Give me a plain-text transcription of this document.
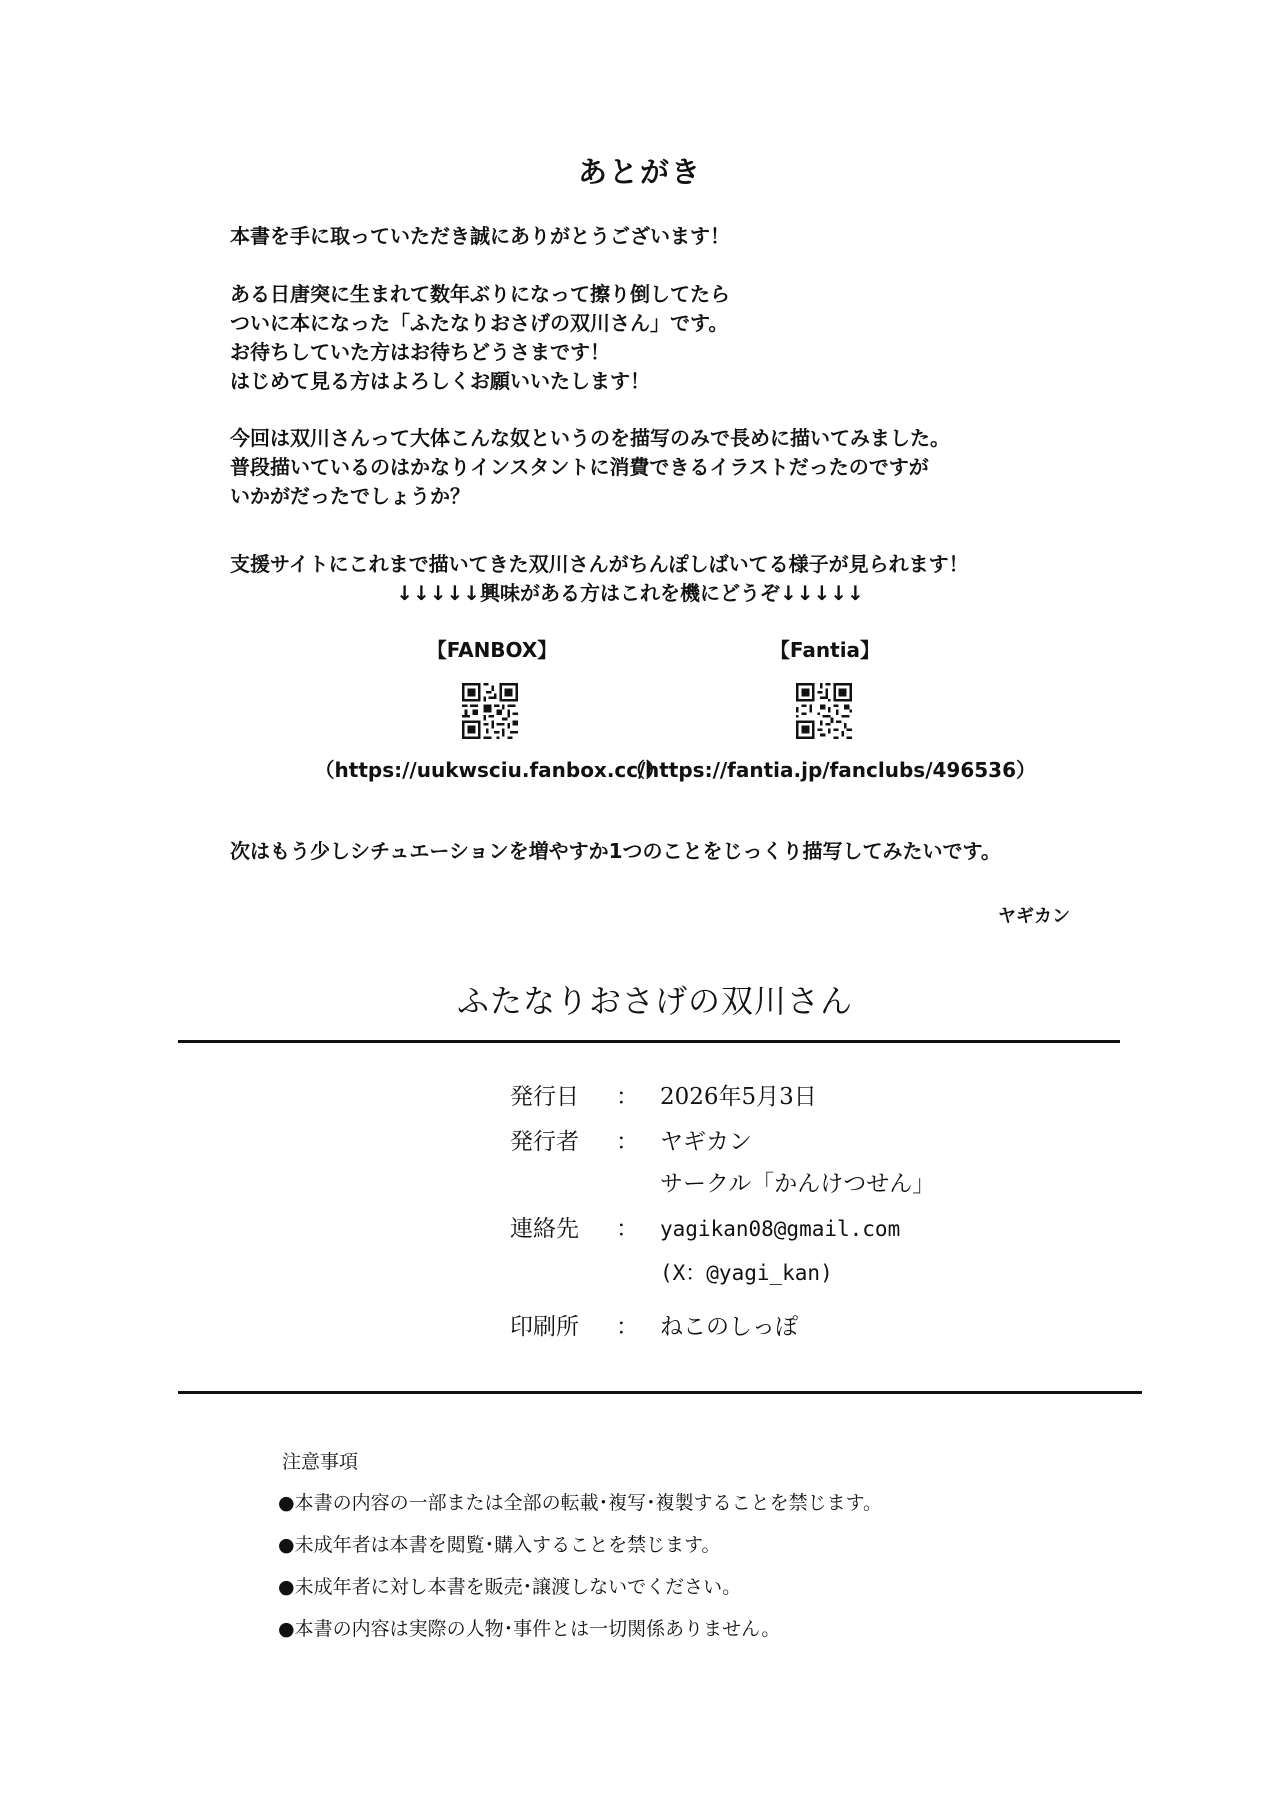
あとがき
本書を手に取っていただき誠にありがとうございます！
ある日唐突に生まれて数年ぶりになって擦り倒してたら
ついに本になった「ふたなりおさげの双川さん」です。
お待ちしていた方はお待ちどうさまです！
はじめて見る方はよろしくお願いいたします！
今回は双川さんって大体こんな奴というのを描写のみで長めに描いてみました。
普段描いているのはかなりインスタントに消費できるイラストだったのですが
いかがだったでしょうか？
支援サイトにこれまで描いてきた双川さんがちんぽしばいてる様子が見られます！
↓↓↓↓↓興味がある方はこれを機にどうぞ↓↓↓↓↓
【FANBOX】	【Fantia】
（https://uukwsciu.fanbox.cc/）
（https://fantia.jp/fanclubs/496536）
次はもう少しシチュエーションを増やすか1つのことをじっくり描写してみたいです。
ヤギカン
ふたなりおさげの双川さん
発行日	： 2026年5月3日
発行者	： ヤギカン
サークル「かんけつせん」
連絡先	： yagikan08@gmail.com
(X：@yagi_kan)
印刷所	： ねこのしっぽ
注意事項
●本書の内容の一部または全部の転載･複写･複製することを禁じます。
●未成年者は本書を閲覧･購入することを禁じます。
●未成年者に対し本書を販売･譲渡しないでください。
●本書の内容は実際の人物･事件とは一切関係ありません。
